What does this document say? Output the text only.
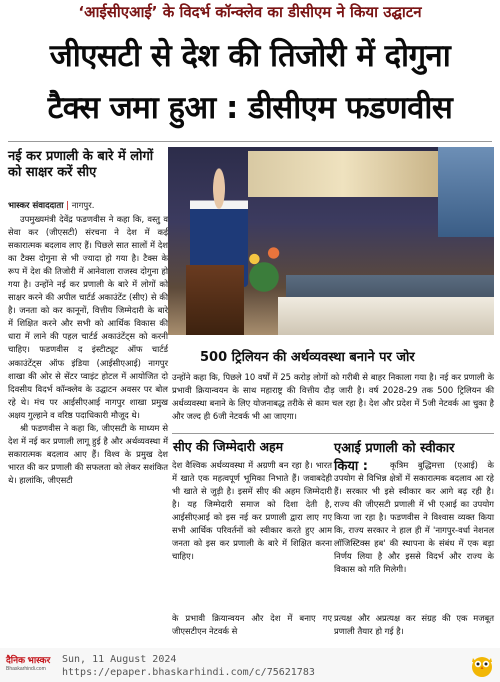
‘आईसीएआई’ के विदर्भ कॉन्क्लेव का डीसीएम ने किया उद्घाटन
जीएसटी से देश की तिजोरी में दोगुना
टैक्स जमा हुआ : डीसीएम फडणवीस
नई कर प्रणाली के बारे में लोगों को साक्षर करें सीए
भास्कर संवाददाता | नागपुर.

उपमुख्यमंत्री देवेंद्र फडणवीस ने कहा कि, वस्तु व सेवा कर (जीएसटी) संरचना ने देश में कई सकारात्मक बदलाव लाए हैं। पिछले सात सालों में देश का टैक्स दोगुना से भी ज्यादा हो गया है। टैक्स के रूप में देश की तिजोरी में आनेवाला राजस्व दोगुना हो गया है। उन्होंने नई कर प्रणाली के बारे में लोगों को साक्षर करने की अपील चार्टर्ड अकाउंटेंट (सीए) से की है। जनता को कर कानूनों, वित्तीय जिम्मेदारी के बारे में शिक्षित करने और सभी को आर्थिक विकास की धारा में लाने की पहल चार्टर्ड अकाउंटेंट्स को करनी चाहिए। फडणवीस द इंस्टीट्यूट ऑफ चार्टर्ड अकाउंटेंट्स ऑफ इंडिया (आईसीएआई) नागपुर शाखा की ओर से सेंटर प्वाइंट होटल में आयोजित दो दिवसीय विदर्भ कॉन्क्लेव के उद्घाटन अवसर पर बोल रहे थे। मंच पर आईसीएआई नागपुर शाखा प्रमुख अक्षय गुल्हाने व वरिष्ठ पदाधिकारी मौजूद थे।

श्री फडणवीस ने कहा कि, जीएसटी के माध्यम से देश में नई कर प्रणाली लागू हुई है और अर्थव्यवस्था में सकारात्मक बदलाव आए हैं। विश्व के प्रमुख देश भारत की कर प्रणाली की सफलता को लेकर सशंकित थे। हालांकि, जीएसटी

500 ट्रिलियन की अर्थव्यवस्था बनाने पर जोर
उन्होंने कहा कि, पिछले 10 वर्षों में 25 करोड़ लोगों को गरीबी से बाहर निकाला गया है। नई कर प्रणाली के प्रभावी क्रियान्वयन के साथ महाराष्ट्र की वित्तीय दौड़ जारी है। वर्ष 2028-29 तक 500 ट्रिलियन की अर्थव्यवस्था बनाने के लिए योजनाबद्ध तरीके से काम चल रहा है। देश और प्रदेश में 5जी नेटवर्क आ चुका है और जल्द ही 6जी नेटवर्क भी आ जाएगा।
सीए की जिम्मेदारी अहम
देश वैश्विक अर्थव्यवस्था में अग्रणी बन रहा है। भारत में खाते एक महत्वपूर्ण भूमिका निभाते हैं। जवाबदेही भी खाते से जुड़ी है। इसमें सीए की अहम जिम्मेदारी है। यह जिम्मेदारी समाज को दिशा देती है, आईसीएआई को इस नई कर प्रणाली द्वारा लाए गए सभी आर्थिक परिवर्तनों को स्वीकार करते हुए आम जनता को इस कर प्रणाली के बारे में शिक्षित करना चाहिए।
एआई प्रणाली को स्वीकार
किया :	कृत्रिम बुद्धिमत्ता (एआई) के उपयोग से विभिन्न क्षेत्रों में सकारात्मक बदलाव आ रहे हैं। सरकार भी इसे स्वीकार कर आगे बढ़ रही है। राज्य की जीएसटी प्रणाली में भी एआई का उपयोग किया जा रहा है। फडणवीस ने विश्वास व्यक्त किया कि, राज्य सरकार ने हाल ही में 'नागपुर-वर्धा नेशनल लॉजिस्टिक्स हब' की स्थापना के संबंध में एक बड़ा निर्णय लिया है और इससे विदर्भ और राज्य के विकास को गति मिलेगी।

के प्रभावी क्रियान्वयन और देश में बनाए गए जीएसटीएन नेटवर्क से
प्रत्यक्ष और अप्रत्यक्ष कर संग्रह की एक मजबूत प्रणाली तैयार हो गई है।
दैनिक भास्कर
Bhaskarhindi.com
Sun, 11 August 2024
https://epaper.bhaskarhindi.com/c/75621783
